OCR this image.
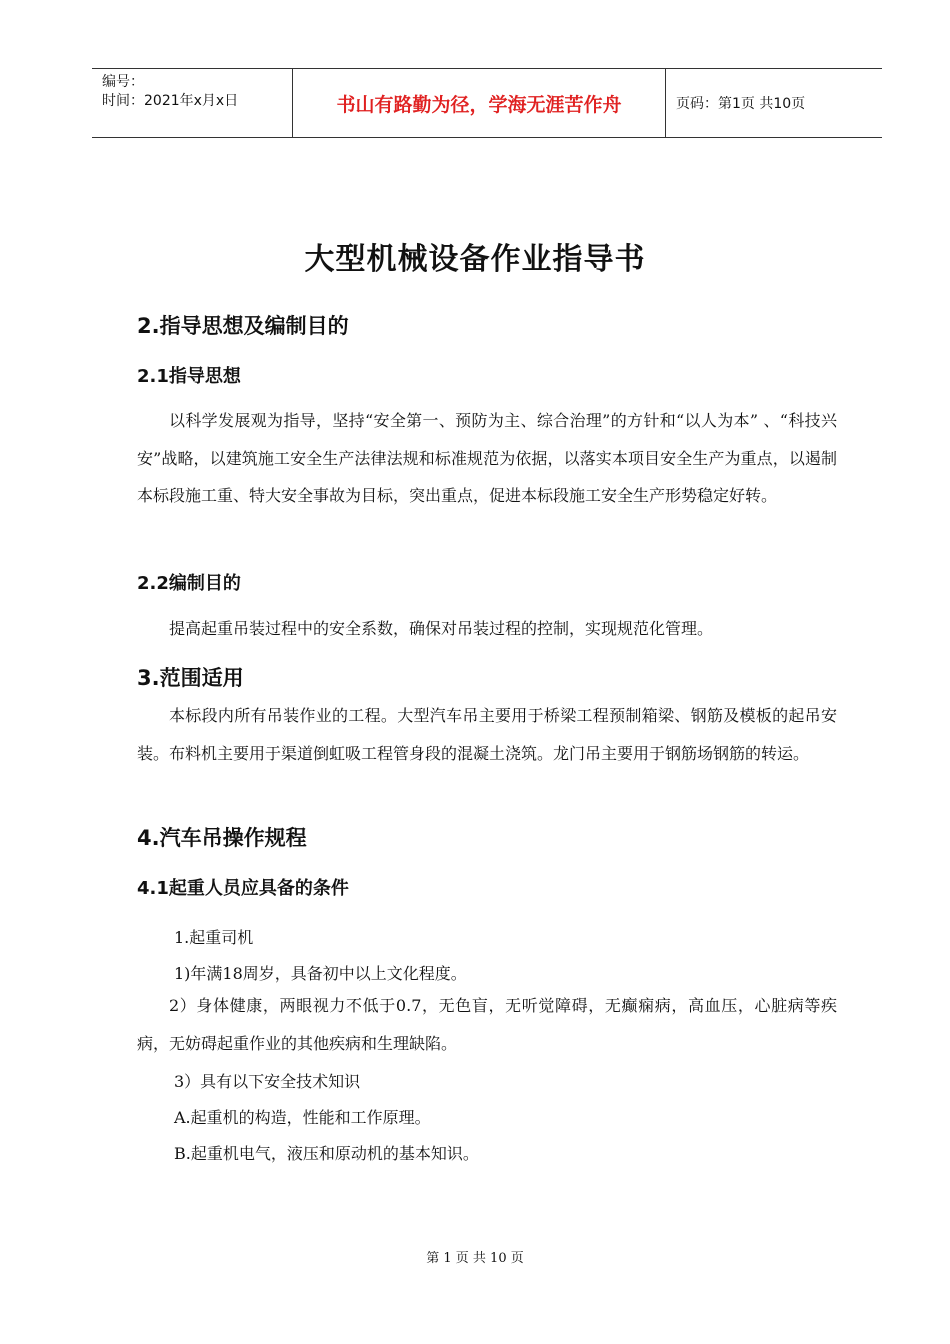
编号：
时间：2021年x月x日	书山有路勤为径，学海无涯苦作舟	页码：第1页 共10页
大型机械设备作业指导书
2.指导思想及编制目的
2.1指导思想
以科学发展观为指导，坚持“安全第一、预防为主、综合治理”的方针和“以人为本” 、“科技兴安”战略，以建筑施工安全生产法律法规和标准规范为依据，以落实本项目安全生产为重点，以遏制本标段施工重、特大安全事故为目标，突出重点，促进本标段施工安全生产形势稳定好转。
2.2编制目的
提高起重吊装过程中的安全系数，确保对吊装过程的控制，实现规范化管理。
3.范围适用
本标段内所有吊装作业的工程。大型汽车吊主要用于桥梁工程预制箱梁、钢筋及模板的起吊安装。布料机主要用于渠道倒虹吸工程管身段的混凝土浇筑。龙门吊主要用于钢筋场钢筋的转运。
4.汽车吊操作规程
4.1起重人员应具备的条件
1.起重司机
1)年满18周岁，具备初中以上文化程度。
2）身体健康，两眼视力不低于0.7，无色盲，无听觉障碍，无癫痫病，高血压，心脏病等疾病，无妨碍起重作业的其他疾病和生理缺陷。
3）具有以下安全技术知识
A.起重机的构造，性能和工作原理。
B.起重机电气，液压和原动机的基本知识。
第 1 页 共 10 页
